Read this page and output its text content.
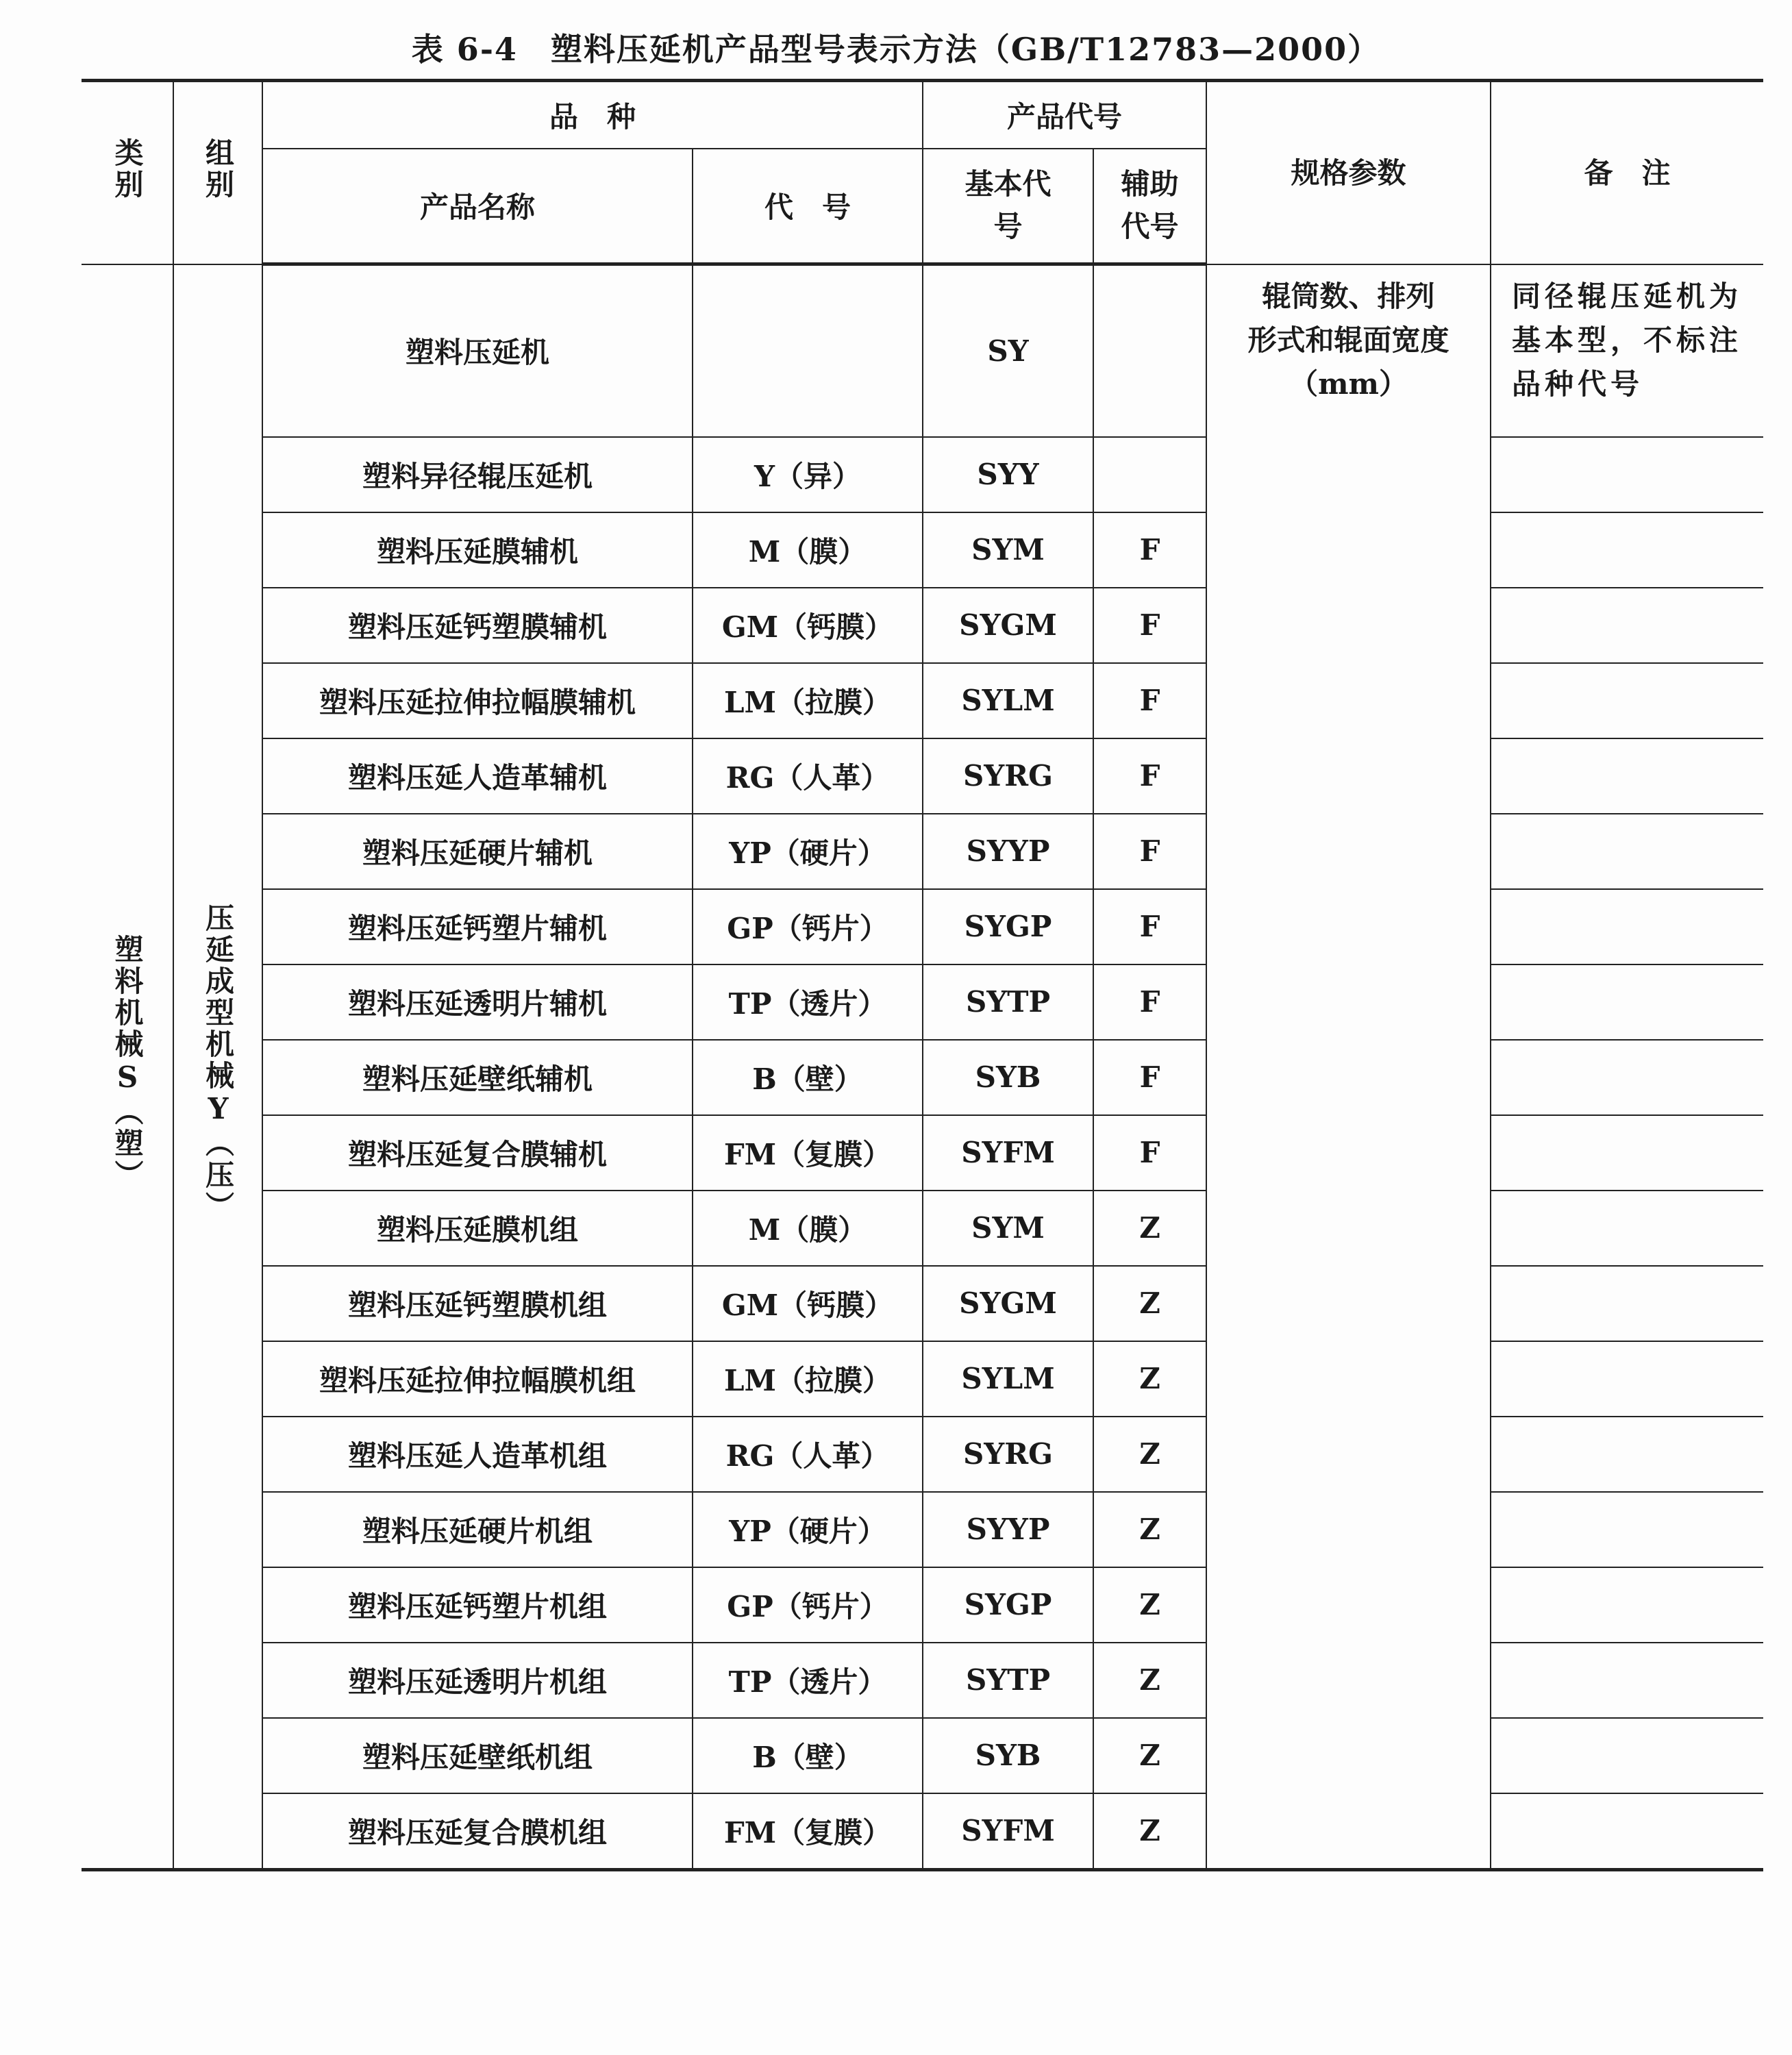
表 6-4　塑料压延机产品型号表示方法（GB/T12783—2000）
类别	组别	品　种		产品代号		规格参数	备　注
		产品名称	代　号	基本代号	辅助代号		
塑料机械S（塑）	压延成型机械Y（压）	塑料压延机		SY		辊筒数、排列
形式和辊面宽度
（mm）	同径辊压延机为基本型，不标注品种代号
		塑料异径辊压延机	Y（异）	SYY			
		塑料压延膜辅机	M（膜）	SYM	F		
		塑料压延钙塑膜辅机	GM（钙膜）	SYGM	F		
		塑料压延拉伸拉幅膜辅机	LM（拉膜）	SYLM	F		
		塑料压延人造革辅机	RG（人革）	SYRG	F		
		塑料压延硬片辅机	YP（硬片）	SYYP	F		
		塑料压延钙塑片辅机	GP（钙片）	SYGP	F		
		塑料压延透明片辅机	TP（透片）	SYTP	F		
		塑料压延壁纸辅机	B（壁）	SYB	F		
		塑料压延复合膜辅机	FM（复膜）	SYFM	F		
		塑料压延膜机组	M（膜）	SYM	Z		
		塑料压延钙塑膜机组	GM（钙膜）	SYGM	Z		
		塑料压延拉伸拉幅膜机组	LM（拉膜）	SYLM	Z		
		塑料压延人造革机组	RG（人革）	SYRG	Z		
		塑料压延硬片机组	YP（硬片）	SYYP	Z		
		塑料压延钙塑片机组	GP（钙片）	SYGP	Z		
		塑料压延透明片机组	TP（透片）	SYTP	Z		
		塑料压延壁纸机组	B（壁）	SYB	Z		
		塑料压延复合膜机组	FM（复膜）	SYFM	Z		
